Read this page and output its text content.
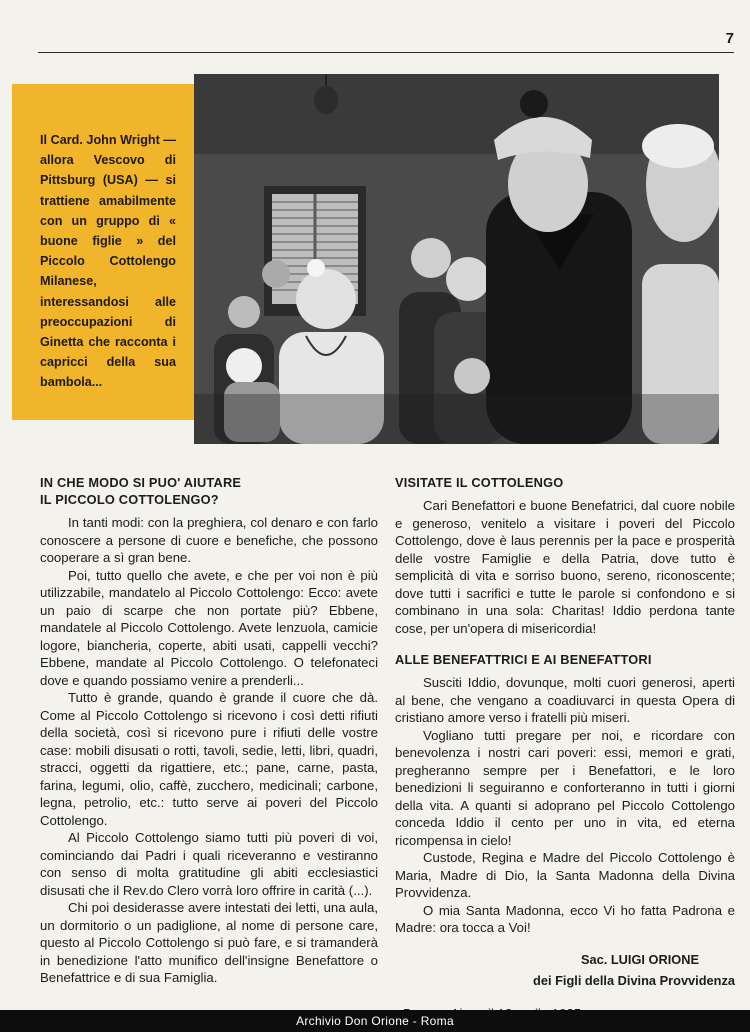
7
Il Card. John Wright — allora Vescovo di Pittsburg (USA) — si trattiene amabilmente con un gruppo di « buone figlie » del Piccolo Cottolengo Milanese, interessandosi alle preoccupazioni di Ginetta che racconta i capricci della sua bambola...
IN CHE MODO SI PUO' AIUTARE
IL PICCOLO COTTOLENGO?

In tanti modi: con la preghiera, col denaro e con farlo conoscere a persone di cuore e benefiche, che possono cooperare a sì gran bene.

Poi, tutto quello che avete, e che per voi non è più utilizzabile, mandatelo al Piccolo Cottolengo: Ecco: avete un paio di scarpe che non portate più? Ebbene, mandatele al Piccolo Cottolengo. Avete lenzuola, camicie logore, biancheria, coperte, abiti usati, cappelli vecchi? Ebbene, mandate al Piccolo Cottolengo. O telefonateci dove e quando possiamo venire a prenderli...

Tutto è grande, quando è grande il cuore che dà. Come al Piccolo Cottolengo si ricevono i così detti rifiuti della società, così si ricevono pure i rifiuti delle vostre case: mobili disusati o rotti, tavoli, sedie, letti, libri, quadri, stracci, oggetti da rigattiere, etc.; pane, carne, pasta, farina, legumi, olio, caffè, zucchero, medicinali; carbone, legna, petrolio, etc.: tutto serve ai poveri del Piccolo Cottolengo.

Al Piccolo Cottolengo siamo tutti più poveri di voi, cominciando dai Padri i quali riceveranno e vestiranno con senso di molta gratitudine gli abiti ecclesiastici disusati che il Rev.do Clero vorrà loro offrire in carità (...).

Chi poi desiderasse avere intestati dei letti, una aula, un dormitorio o un padiglione, al nome di persone care, questo al Piccolo Cottolengo si può fare, e si tramanderà in benedizione l'atto munifico dell'insigne Benefattore o Benefattrice e di sua Famiglia.

VISITATE IL COTTOLENGO

Cari Benefattori e buone Benefatrici, dal cuore nobile e generoso, venitelo a visitare i poveri del Piccolo Cottolengo, dove è laus perennis per la pace e prosperità delle vostre Famiglie e della Patria, dove tutto è semplicità di vita e sorriso buono, sereno, riconoscente; dove tutti i sacrifici e tutte le parole si confondono e si combinano in una sola: Charitas! Iddio perdona tante cose, per un'opera di misericordia!

ALLE BENEFATTRICI E AI BENEFATTORI

Susciti Iddio, dovunque, molti cuori generosi, aperti al bene, che vengano a coadiuvarci in questa Opera di cristiano amore verso i fratelli più miseri.

Vogliano tutti pregare per noi, e ricordare con benevolenza i nostri cari poveri: essi, memori e grati, pregheranno sempre per i Benefattori, e le loro benedizioni li seguiranno e conforteranno in tutti i giorni della vita. A quanti si adoprano pel Piccolo Cottolengo conceda Iddio il cento per uno in vita, ed eterna ricompensa in cielo!

Custode, Regina e Madre del Piccolo Cottolengo è Maria, Madre di Dio, la Santa Madonna della Divina Provvidenza.

O mia Santa Madonna, ecco Vi ho fatta Padrona e Madre: ora tocca a Voi!

Sac. LUIGI ORIONE
dei Figli della Divina Provvidenza
Archivio Don Orione - Roma
